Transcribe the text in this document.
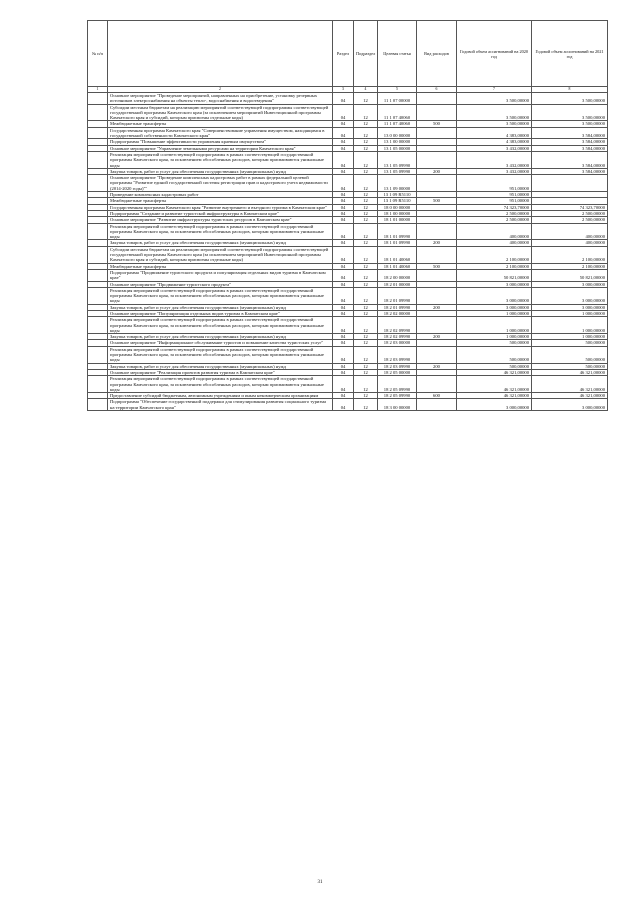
№ п/п		Раздел	Подраздел	Целевая статья	Вид расходов	Годовой объем ассигнований на 2020 год	Годовой объем ассигнований на 2021 год
1	2	3	4	5	6	7	8
	Основное мероприятие "Проведение мероприятий, направленных на приобретение, установку резервных источников электроснабжения на объекты тепло-, водоснабжения и водоотведения"	04	12	11 1 07 00000		3 500,00000	3 500,00000
	Субсидии местным бюджетам на реализацию мероприятий соответствующей подпрограммы соответствующей государственной программы Камчатского края (за исключением мероприятий Инвестиционной программы Камчатского края и субсидий, которым присвоены отдельные коды)	04	12	11 1 07 40060		3 500,00000	3 500,00000
	Межбюджетные трансферты	04	12	11 1 07 40060	500	3 500,00000	3 500,00000
	Государственная программа Камчатского края "Совершенствование управления имуществом, находящимся в государственной собственности Камчатского края"	04	12	13 0 00 00000		4 383,00000	3 584,00000
	Подпрограмма "Повышение эффективности управления краевым имуществом"	04	12	13 1 00 00000		4 383,00000	3 584,00000
	Основное мероприятие "Управление земельными ресурсами на территории Камчатского края"	04	12	13 1 05 00000		3 432,00000	3 584,00000
	Реализация мероприятий соответствующей подпрограммы в рамках соответствующей государственной программы Камчатского края, за исключением обособленных расходов, которым присваиваются уникальные коды	04	12	13 1 05 09990		3 432,00000	3 584,00000
	Закупка товаров, работ и услуг для обеспечения государственных (муниципальных) нужд	04	12	13 1 05 09990	200	3 432,00000	3 584,00000
	Основное мероприятие "Проведение комплексных кадастровых работ в рамках федеральной целевой программы "Развитие единой государственной системы регистрации прав и кадастрового учета недвижимости (2014-2020 годы)""	04	12	13 1 09 00000		951,00000	
	Проведение комплексных кадастровых работ	04	12	13 1 09 R5110		951,00000	
	Межбюджетные трансферты	04	12	13 1 09 R5110	500	951,00000	
	Государственная программа Камчатского края "Развитие внутреннего и въездного туризма в Камчатском крае"	04	12	18 0 00 00000		74 323,70000	74 323,70000
	Подпрограмма "Создание и развитие туристской инфраструктуры в Камчатском крае"	04	12	18 1 00 00000		2 500,00000	2 500,00000
	Основное мероприятие "Развитие инфраструктуры туристских ресурсов в Камчатском крае"	04	12	18 1 01 00000		2 500,00000	2 500,00000
	Реализация мероприятий соответствующей подпрограммы в рамках соответствующей государственной программы Камчатского края, за исключением обособленных расходов, которым присваиваются уникальные коды	04	12	18 1 01 09990		400,00000	400,00000
	Закупка товаров, работ и услуг для обеспечения государственных (муниципальных) нужд	04	12	18 1 01 09990	200	400,00000	400,00000
	Субсидии местным бюджетам на реализацию мероприятий соответствующей подпрограммы соответствующей государственной программы Камчатского края (за исключением мероприятий Инвестиционной программы Камчатского края и субсидий, которым присвоены отдельные коды)	04	12	18 1 01 40060		2 100,00000	2 100,00000
	Межбюджетные трансферты	04	12	18 1 01 40060	500	2 100,00000	2 100,00000
	Подпрограмма "Продвижение туристского продукта и популяризация отдельных видов туризма в Камчатском крае"	04	12	18 2 00 00000		50 821,00000	50 821,00000
	Основное мероприятие "Продвижение туристского продукта"	04	12	18 2 01 00000		3 000,00000	3 000,00000
	Реализация мероприятий соответствующей подпрограммы в рамках соответствующей государственной программы Камчатского края, за исключением обособленных расходов, которым присваиваются уникальные коды	04	12	18 2 01 09990		3 000,00000	3 000,00000
	Закупка товаров, работ и услуг для обеспечения государственных (муниципальных) нужд	04	12	18 2 01 09990	200	3 000,00000	3 000,00000
	Основное мероприятие "Популяризация отдельных видов туризма в Камчатском крае"	04	12	18 2 02 00000		1 000,00000	1 000,00000
	Реализация мероприятий соответствующей подпрограммы в рамках соответствующей государственной программы Камчатского края, за исключением обособленных расходов, которым присваиваются уникальные коды	04	12	18 2 02 09990		1 000,00000	1 000,00000
	Закупка товаров, работ и услуг для обеспечения государственных (муниципальных) нужд	04	12	18 2 02 09990	200	1 000,00000	1 000,00000
	Основное мероприятие "Информационное обслуживание туристов и повышение качества туристских услуг"	04	12	18 2 03 00000		500,00000	500,00000
	Реализация мероприятий соответствующей подпрограммы в рамках соответствующей государственной программы Камчатского края, за исключением обособленных расходов, которым присваиваются уникальные коды	04	12	18 2 03 09990		500,00000	500,00000
	Закупка товаров, работ и услуг для обеспечения государственных (муниципальных) нужд	04	12	18 2 03 09990	200	500,00000	500,00000
	Основное мероприятие "Реализация проектов развития туризма в Камчатском крае"	04	12	18 2 05 00000		46 321,00000	46 321,00000
	Реализация мероприятий соответствующей подпрограммы в рамках соответствующей государственной программы Камчатского края, за исключением обособленных расходов, которым присваиваются уникальные коды	04	12	18 2 05 09990		46 321,00000	46 321,00000
	Предоставление субсидий бюджетным, автономным учреждениям и иным некоммерческим организациям	04	12	18 2 05 09990	600	46 321,00000	46 321,00000
	Подпрограмма "Обеспечение государственной поддержки для стимулирования развития социального туризма на территории Камчатского края"	04	12	18 3 00 00000		3 000,00000	3 000,00000
31
